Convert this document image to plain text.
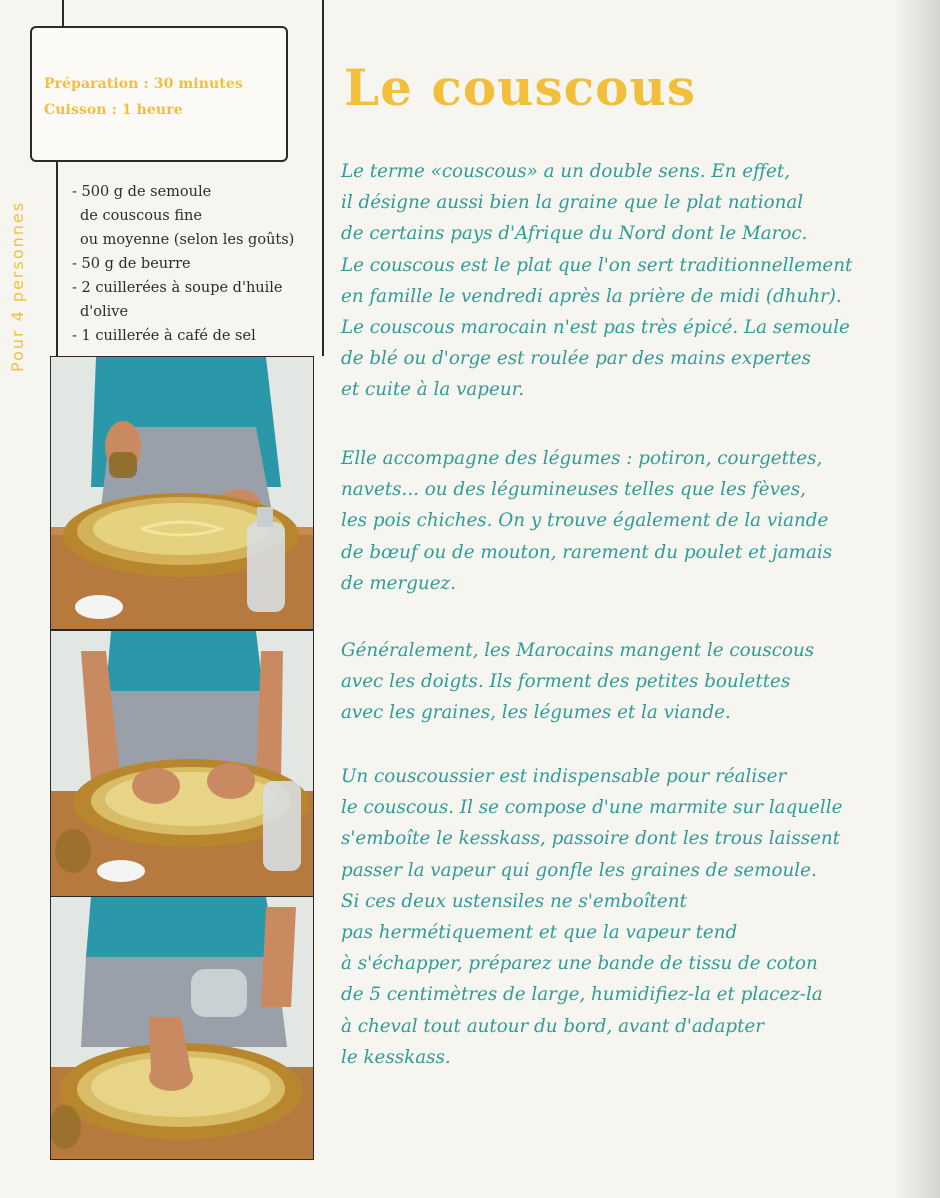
Préparation : 30 minutes
Cuisson : 1 heure
Pour 4 personnes
- 500 g de semoule
de couscous fine
ou moyenne (selon les goûts)
- 50 g de beurre
- 2 cuillerées à soupe d'huile
d'olive
- 1 cuillerée à café de sel
Le couscous
Le terme «couscous» a un double sens. En effet,
il désigne aussi bien la graine que le plat national
de certains pays d'Afrique du Nord dont le Maroc.
Le couscous est le plat que l'on sert traditionnellement
en famille le vendredi après la prière de midi (dhuhr).
Le couscous marocain n'est pas très épicé. La semoule
de blé ou d'orge est roulée par des mains expertes
et cuite à la vapeur.
Elle accompagne des légumes : potiron, courgettes,
navets... ou des légumineuses telles que les fèves,
les pois chiches. On y trouve également de la viande
de bœuf ou de mouton, rarement du poulet et jamais
de merguez.
Généralement, les Marocains mangent le couscous
avec les doigts. Ils forment des petites boulettes
avec les graines, les légumes et la viande.
Un couscoussier est indispensable pour réaliser
le couscous. Il se compose d'une marmite sur laquelle
s'emboîte le kesskass, passoire dont les trous laissent
passer la vapeur qui gonfle les graines de semoule.
Si ces deux ustensiles ne s'emboîtent
pas hermétiquement et que la vapeur tend
à s'échapper, préparez une bande de tissu de coton
de 5 centimètres de large, humidifiez-la et placez-la
à cheval tout autour du bord, avant d'adapter
le kesskass.
